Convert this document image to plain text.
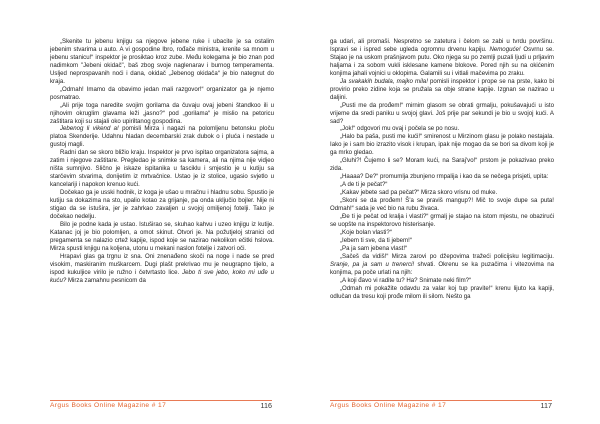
„Skenite tu jebenu knjigu sa njegove jebene ruke i ubacite je sa ostalim jebenim stvarima u auto. A vi gospodine Ibro, rođače ministra, krenite sa mnom u jebenu stanicu!“ inspektor je prosiktao kroz zube. Među kolegama je bio znan pod nadimkom "Jebeni okidač", baš zbog svoje naglenarav i burnog temperamenta. Usljed neprospavanih noći i dana, okidač „Jebenog okidača“ je bio nategnut do kraja.

„Odmah! Imamo da obavimo jedan mali razgovor!“ organizator ga je njemo posmatrao.

„Ali prije toga naredite svojim gorilama da čuvaju ovaj jebeni štandkoo ili u njihovim okruglim glavama leži „jasno?“ pod „gorilama“ je mislio na petoricu zaštitara koji su stajali oko upiriltanog gospodina.

Jebenog li vikend a! pomisli Mirza i nagazi na polomljenu betonsku ploču platoa Skenderije. Udahnu hladan decembarski zrak dubok o i pluća i nestade u gustoj magli.

Radni dan se skoro bližio kraju. Inspektor je prvo ispitao organizatora sajma, a zatim i njegove zaštitare. Pregledao je snimke sa kamera, ali na njima nije vidjeo ništa sumnjivo. Slično je iskaze ispitanika u fasciklu i smjestio je u kutiju sa starčevim stvarima, donijetim iz mrtvačnice. Ustao je iz stolice, ugasio svjetlo u kancelariji i napokon krenuo kući.

Dočekao ga je usski hodnik, iz koga je ušao u mračnu i hladnu sobu. Spustio je kutiju sa dokazima na sto, upalio kotao za grijanje, pa onda uključio bojler. Nije ni stigao da se istušira, jer je zahrkao zavaljen u svojoj omiljenoj fotelji. Tako je dočekao nedelju.

Bilo je podne kada je ustao. Istuširao se, skuhao kahvu i uzeo knjigu iz kutije. Katanac joj je bio polomljen, a omot skinut. Otvori je. Na požutjeloj stranici od pregamenta se nalazio crtež kapije, ispod koje se nazirao nekolikon ečitki hslova. Mirza spusti knjigu na koljena, utonu u mekani naslon fotelje i zatvori oči.

Hrapavi glas ga trgnu iz sna. Oni znenađeno skoči na noge i nade se pred visokim, maskiranim muškarcem. Dugi plašt prekrivao mu je neugrapno tijelo, a ispod kukuljice virilo je ružno i četvrtasto lice. Jebo ti sve jebo, koko mi uđe u kuću? Mirza zamahnu pesnicom da

Argus Books Online Magazine # 17	116

ga udari, ali promaši. Nespretno se zatetura i čelom se zabi u tvrdu površinu. Ispravi se i ispred sebe ugleda ogromnu drvenu kapiju. Nemoguće! Osvrnu se. Stajao je na uskom prašnjavom putu. Oko njega su po zemlji puzali ljudi u prljavim haljama i za sobom vukli isklesane kamene blokove. Pored njih su na okićenim konjima jahali vojnici u oklopima. Galamili su i vitlali mačevima po zraku.

Ja svakakih budala, majko mila! pomisli inspektor i prope se na prste, kako bi provirio preko zidine koja se pružala sa obje strane kapije. Izgnan se nazirao u daljini.

„Pusti me da prođem!“ mirnim glasom se obrati grmalju, pokušavajući u isto vrijeme da sredi paniku u svojoj glavi. Još prije par sekundi je bio u svojoj kući. A sad?

„Jok!“ odgovori mu ovaj i počela se po nosu.

„Halo ba paša, pusti me kući!“ smirenost u Mirzinom glasu je polako nestajala. Iako je i sam bio izrazito visok i krupan, ipak nije mogao da se bori sa divom koji je ga mrko gledao.

„Gluhi?! Čujemo li se? Moram kući, na Saraj'vo!“ prstom je pokazivao preko zida.

„Haaaa? De?“ promumlja zbunjeno rmpalija i kao da se nečega prisjeti, upita:

„A de ti je pečat?“

„Kakav jebete sad pa pečat?“ Mirza skoro vrisnu od muke.

„Skoni se da prođem! Š'a se praviš mangup?! Mič to svoje dupe sa puta! Odmah!“ sada je već bio na rubu živaca.

„Đe ti je pečat od kralja i vlasti?“ grmalj je stajao na istom mjestu, ne obazirući se uopšte na inspektorovo histerisanje.

„Koje bolan vlasti?“

„Iebem ti sve, da ti jebem!“

„Pa ja sam jebena vlast!“

„Sačeš da vidiš!“ Mirza zarovi po džepovima tražeći policijsku legitimaciju. Sranje, pa ja sam u trenerci! shvati. Okrenu se ka puzačima i vitezovima na konjima, pa poče urlati na njih:

„A koji đavo vi radite tu? Ha? Snimate neki film?“

„Odmah mi pokažite odavdu za valar koj tup pravite!“ krenu lijuto ka kapiji, odlučan da tresu koji prođe milom ili silom. Nešto ga

Argus Books Online Magazine # 17	117
